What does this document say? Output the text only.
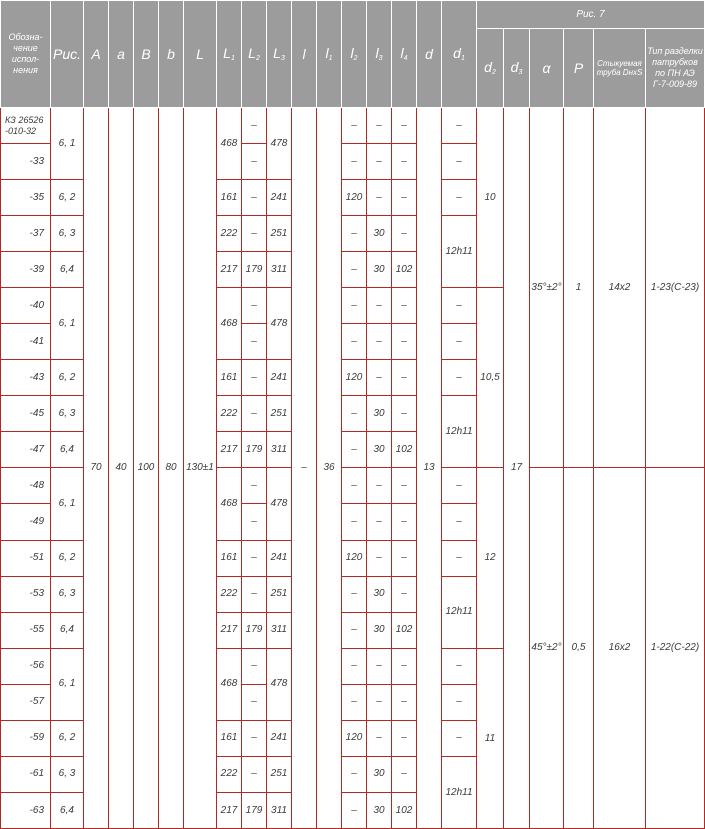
Обозна-чение испол-нения	Рис.	A	a	B	b	L	$L_1$	$L_2$	$L_3$	l	$l_1$	$l_2$	$l_3$	$l_4$	d	$d_1$	Рис. 7					
																	$d_2$	$d_3$	α	P	Стыкуемая труба DнxS	Тип разделки патрубков по ПН АЭ Г-7-009-89
КЗ 26526 -010-32	6, 1	70	40	100	80	130±1	468	–	478	–	36	–	–	–	13	–	10	17	35°±2°	1	14x2	1-23(С-23)
-33								–				–	–	–		–						
-35	6, 2						161	–	241			120	–	–		–						
-37	6, 3						222	–	251			–	30	–		12h11						
-39	6,4						217	179	311			–	30	102								
-40	6, 1						468	–	478			–	–	–		–	10,5					
-41								–				–	–	–		–						
-43	6, 2						161	–	241			120	–	–		–						
-45	6, 3						222	–	251			–	30	–		12h11						
-47	6,4						217	179	311			–	30	102								
-48	6, 1						468	–	478			–	–	–		–	12		45°±2°	0,5	16x2	1-22(С-22)
-49								–				–	–	–		–						
-51	6, 2						161	–	241			120	–	–		–						
-53	6, 3						222	–	251			–	30	–		12h11						
-55	6,4						217	179	311			–	30	102								
-56	6, 1						468	–	478			–	–	–		–	11					
-57								–				–	–	–		–						
-59	6, 2						161	–	241			120	–	–		–						
-61	6, 3						222	–	251			–	30	–		12h11						
-63	6,4						217	179	311			–	30	102								
